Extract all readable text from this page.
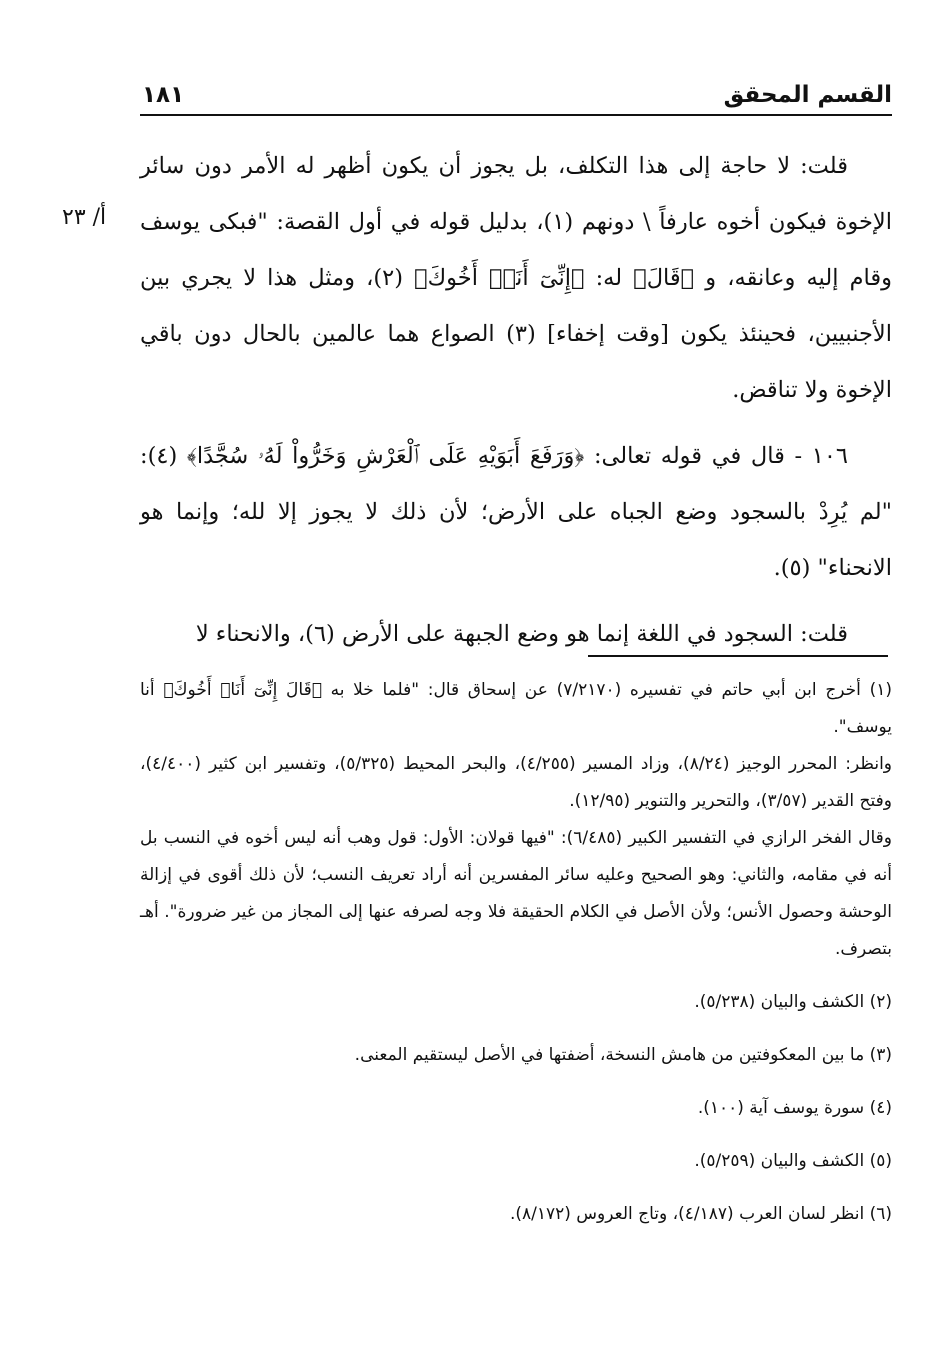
القسم المحقق
١٨١
أ/ ٢٣

قلت: لا حاجة إلى هذا التكلف، بل يجوز أن يكون أظهر له الأمر دون سائر الإخوة فيكون أخوه عارفاً \ دونهم (١)، بدليل قوله في أول القصة: "فبكى يوسف وقام إليه وعانقه، و ﴿قَالَ﴾ له: ﴿إِنِّىٓ أَنَا۠ أَخُوكَ﴾ (٢)، ومثل هذا لا يجري بين الأجنبيين، فحينئذ يكون [وقت إخفاء] (٣) الصواع هما عالمين بالحال دون باقي الإخوة ولا تناقض.

١٠٦ - قال في قوله تعالى: ﴿وَرَفَعَ أَبَوَيْهِ عَلَى ٱلْعَرْشِ وَخَرُّواْ لَهُۥ سُجَّدًا﴾ (٤): "لم يُرِدْ بالسجود وضع الجباه على الأرض؛ لأن ذلك لا يجوز إلا لله؛ وإنما هو الانحناء" (٥).

قلت: السجود في اللغة إنما هو وضع الجبهة على الأرض (٦)، والانحناء لا

(١) أخرج ابن أبي حاتم في تفسيره (٧/٢١٧٠) عن إسحاق قال: "فلما خلا به ﴿قَالَ إِنِّىٓ أَنَا۠ أَخُوكَ﴾ أنا يوسف".

وانظر: المحرر الوجيز (٨/٢٤)، وزاد المسير (٤/٢٥٥)، والبحر المحيط (٥/٣٢٥)، وتفسير ابن كثير (٤/٤٠٠)، وفتح القدير (٣/٥٧)، والتحرير والتنوير (١٢/٩٥).

وقال الفخر الرازي في التفسير الكبير (٦/٤٨٥): "فيها قولان: الأول: قول وهب أنه ليس أخوه في النسب بل أنه في مقامه، والثاني: وهو الصحيح وعليه سائر المفسرين أنه أراد تعريف النسب؛ لأن ذلك أقوى في إزالة الوحشة وحصول الأنس؛ ولأن الأصل في الكلام الحقيقة فلا وجه لصرفه عنها إلى المجاز من غير ضرورة". أهـ بتصرف.

(٢) الكشف والبيان (٥/٢٣٨).

(٣) ما بين المعكوفتين من هامش النسخة، أضفتها في الأصل ليستقيم المعنى.

(٤) سورة يوسف آية (١٠٠).

(٥) الكشف والبيان (٥/٢٥٩).

(٦) انظر لسان العرب (٤/١٨٧)، وتاج العروس (٨/١٧٢).
